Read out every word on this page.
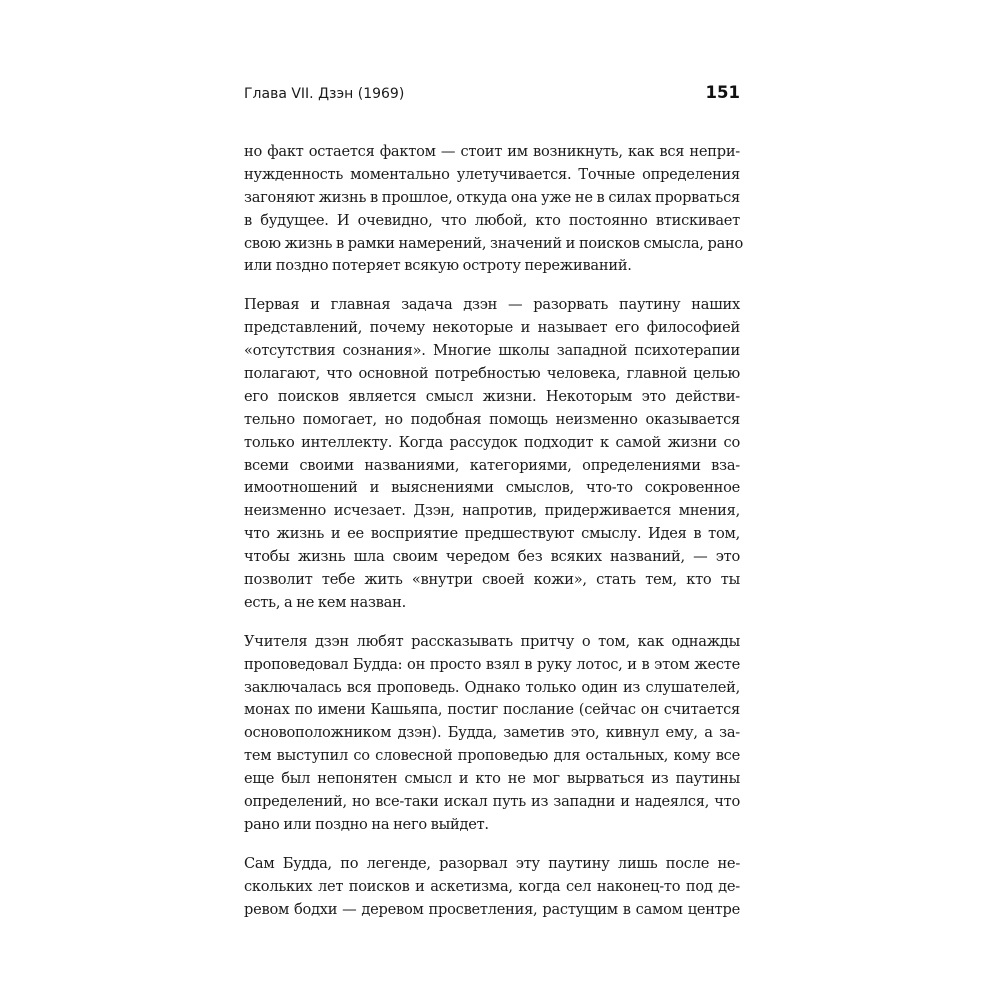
Глава VII. Дзэн (1969)	151
но факт остается фактом — стоит им возникнуть, как вся непри-
нужденность моментально улетучивается. Точные определения
загоняют жизнь в прошлое, откуда она уже не в силах прорваться
в будущее. И очевидно, что любой, кто постоянно втискивает
свою жизнь в рамки намерений, значений и поисков смысла, рано
или поздно потеряет всякую остроту переживаний.
Первая и главная задача дзэн — разорвать паутину наших
представлений, почему некоторые и называет его философией
«отсутствия сознания». Многие школы западной психотерапии
полагают, что основной потребностью человека, главной целью
его поисков является смысл жизни. Некоторым это действи-
тельно помогает, но подобная помощь неизменно оказывается
только интеллекту. Когда рассудок подходит к самой жизни со
всеми своими названиями, категориями, определениями вза-
имоотношений и выяснениями смыслов, что-то сокровенное
неизменно исчезает. Дзэн, напротив, придерживается мнения,
что жизнь и ее восприятие предшествуют смыслу. Идея в том,
чтобы жизнь шла своим чередом без всяких названий, — это
позволит тебе жить «внутри своей кожи», стать тем, кто ты
есть, а не кем назван.
Учителя дзэн любят рассказывать притчу о том, как однажды
проповедовал Будда: он просто взял в руку лотос, и в этом жесте
заключалась вся проповедь. Однако только один из слушателей,
монах по имени Кашьяпа, постиг послание (сейчас он считается
основоположником дзэн). Будда, заметив это, кивнул ему, а за-
тем выступил со словесной проповедью для остальных, кому все
еще был непонятен смысл и кто не мог вырваться из паутины
определений, но все-таки искал путь из западни и надеялся, что
рано или поздно на него выйдет.
Сам Будда, по легенде, разорвал эту паутину лишь после не-
скольких лет поисков и аскетизма, когда сел наконец-то под де-
ревом бодхи — деревом просветления, растущим в самом центре
